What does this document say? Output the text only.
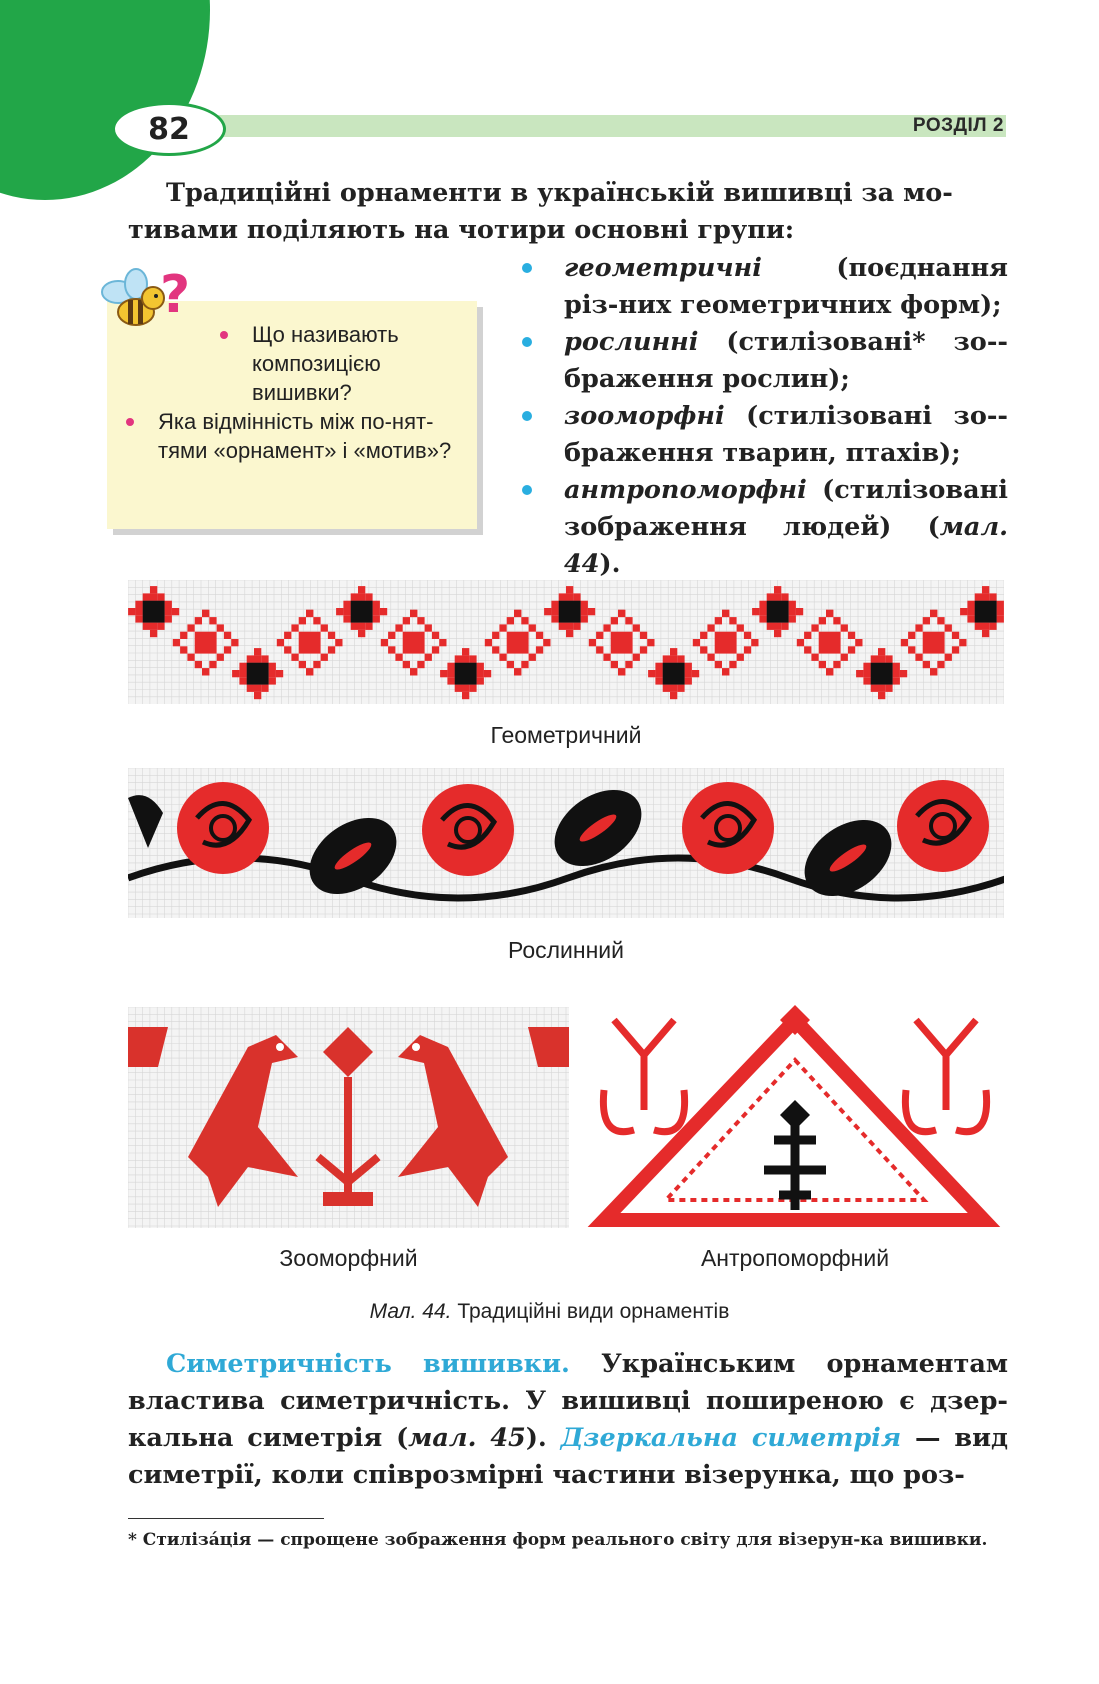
82	РОЗДІЛ 2
Традиційні орнаменти в українській вишивці за мо-
тивами поділяють на чотири основні групи:
геометричні (поєднання різ-них геометричних форм);
рослинні (стилізовані* зо-браження рослин);
зооморфні (стилізовані зо-браження тварин, птахів);
антропоморфні (стилізовані зображення людей) (мал. 44).
?
Що називають композицією вишивки?
Яка відмінність між по-няттями «орнамент» і «мотив»?
Геометричний
Рослинний
Зооморфний	Антропоморфний
Мал. 44. Традиційні види орнаментів
Симетричність вишивки. Українським орнаментам властива симетричність. У вишивці поширеною є дзер-кальна симетрія (мал. 45). Дзеркальна симетрія — вид симетрії, коли співрозмірні частини візерунка, що роз-
* Стилізáція — спрощене зображення форм реального світу для візерун-ка вишивки.
